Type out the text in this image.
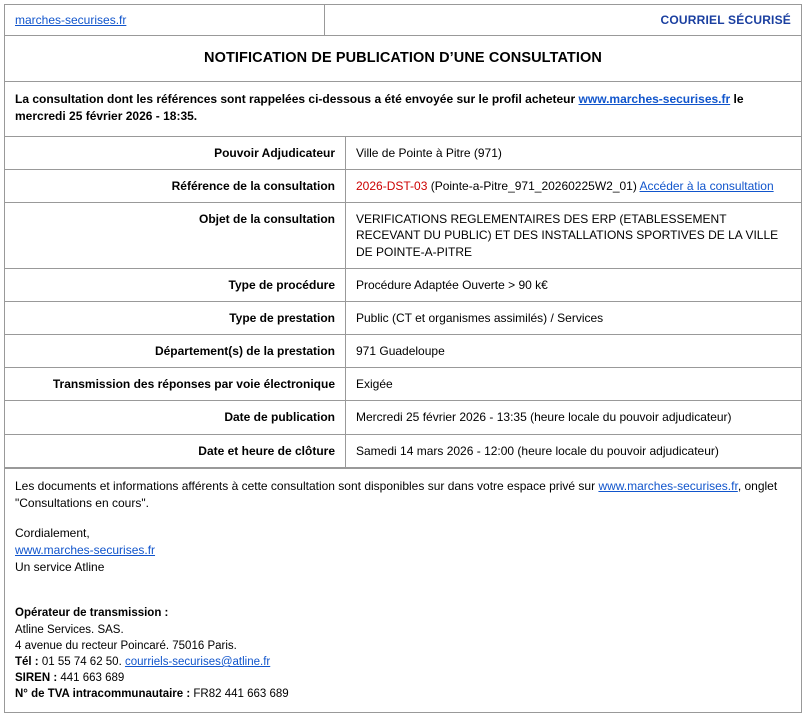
marches-securises.fr	COURRIEL SÉCURISÉ
NOTIFICATION DE PUBLICATION D’UNE CONSULTATION
La consultation dont les références sont rappelées ci-dessous a été envoyée sur le profil acheteur www.marches-securises.fr le mercredi 25 février 2026 - 18:35.
Pouvoir Adjudicateur	Ville de Pointe à Pitre (971)
Référence de la consultation	2026-DST-03 (Pointe-a-Pitre_971_20260225W2_01) Accéder à la consultation
Objet de la consultation	VERIFICATIONS REGLEMENTAIRES DES ERP (ETABLESSEMENT RECEVANT DU PUBLIC) ET DES INSTALLATIONS SPORTIVES DE LA VILLE DE POINTE-A-PITRE
Type de procédure	Procédure Adaptée Ouverte > 90 k€
Type de prestation	Public (CT et organismes assimilés) / Services
Département(s) de la prestation	971 Guadeloupe
Transmission des réponses par voie électronique	Exigée
Date de publication	Mercredi 25 février 2026 - 13:35 (heure locale du pouvoir adjudicateur)
Date et heure de clôture	Samedi 14 mars 2026 - 12:00 (heure locale du pouvoir adjudicateur)
Les documents et informations afférents à cette consultation sont disponibles sur dans votre espace privé sur www.marches-securises.fr, onglet "Consultations en cours".
Cordialement,
www.marches-securises.fr
Un service Atline
Opérateur de transmission :
Atline Services. SAS.
4 avenue du recteur Poincaré. 75016 Paris.
Tél : 01 55 74 62 50. courriels-securises@atline.fr
SIREN : 441 663 689
N° de TVA intracommunautaire : FR82 441 663 689
